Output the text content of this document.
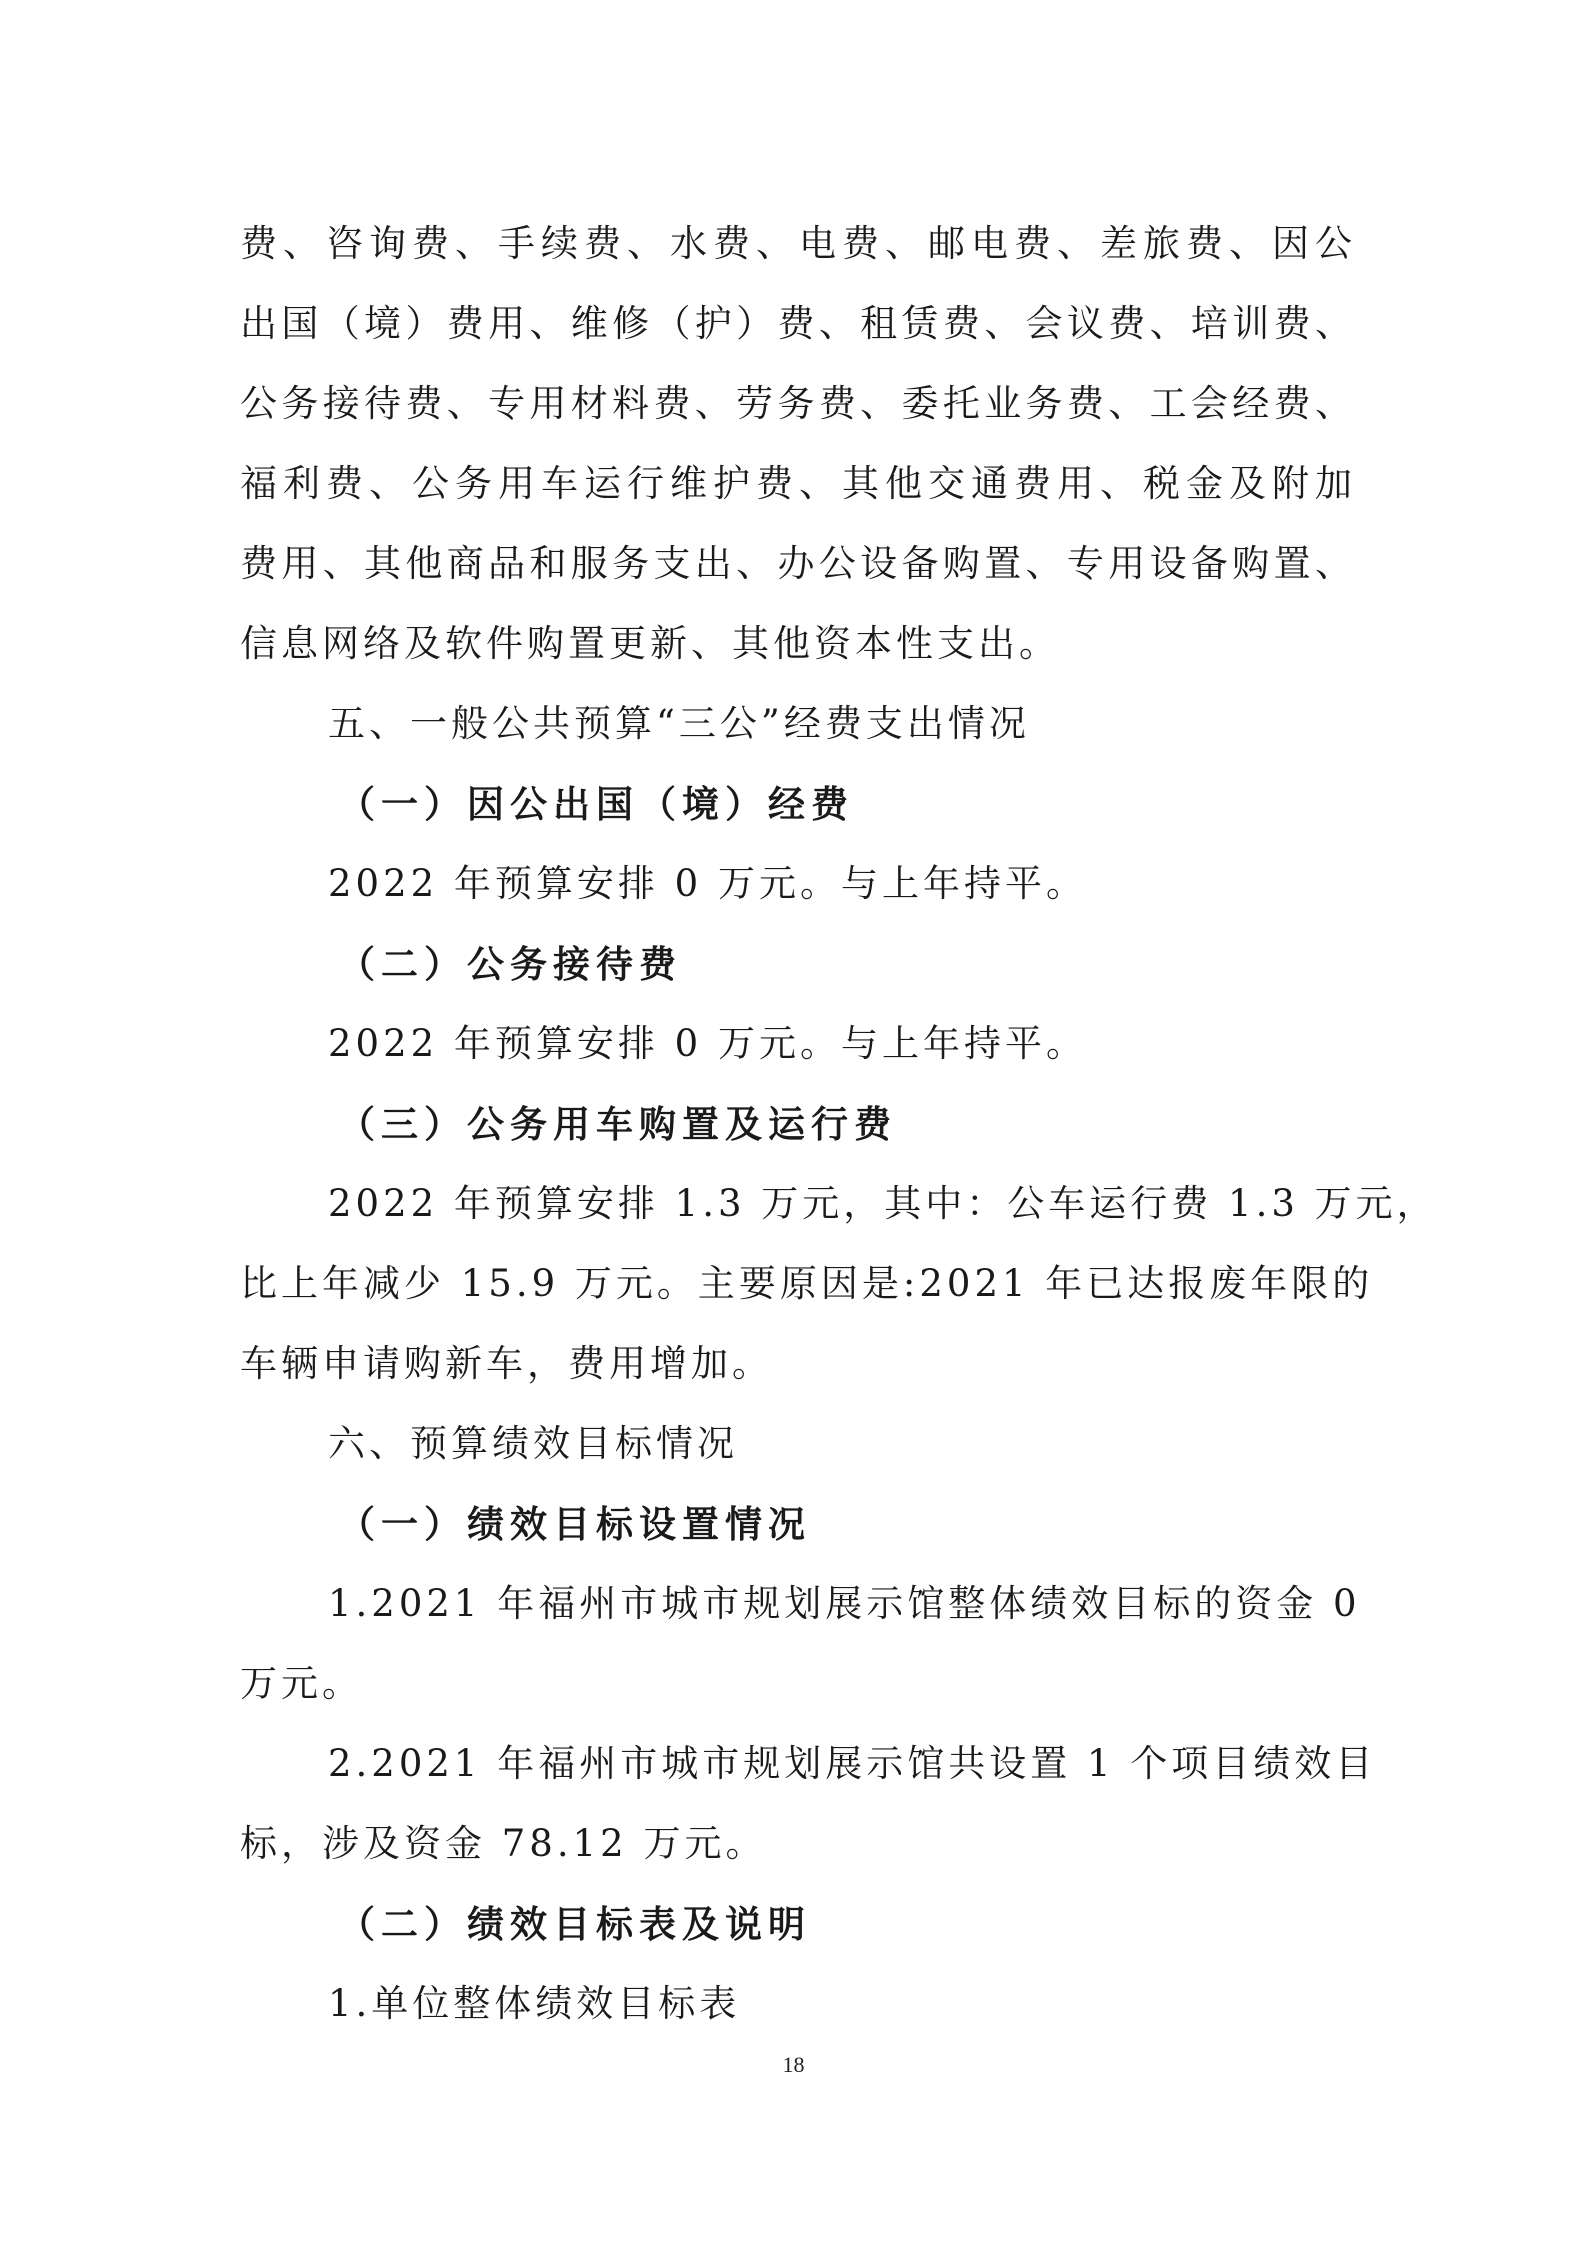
费 、 咨 询 费 、 手 续 费 、 水 费 、 电 费 、 邮 电 费 、 差 旅 费 、 因 公
出 国 （ 境 ） 费 用 、 维 修 （ 护 ） 费 、 租 赁 费 、 会 议 费 、 培 训 费 、
公 务 接 待 费 、 专 用 材 料 费 、 劳 务 费 、 委 托 业 务 费 、 工 会 经 费 、
福 利 费 、 公 务 用 车 运 行 维 护 费 、 其 他 交 通 费 用 、 税 金 及 附 加
费 用 、 其 他 商 品 和 服 务 支 出 、 办 公 设 备 购 置 、 专 用 设 备 购 置 、
信息网络及软件购置更新、其他资本性支出。
五、一般公共预算“三公”经费支出情况
（一）因公出国（境）经费
2022 年预算安排 0 万元。与上年持平。
（二）公务接待费
2022 年预算安排 0 万元。与上年持平。
（三）公务用车购置及运行费
2022 年预算安排 1.3 万元，其中：公车运行费 1.3 万元，
比上年减少 15.9 万元。主要原因是:2021 年已达报废年限的
车辆申请购新车，费用增加。
六、预算绩效目标情况
（一）绩效目标设置情况
1.2021 年福州市城市规划展示馆整体绩效目标的资金 0
万元。
2.2021 年福州市城市规划展示馆共设置 1 个项目绩效目
标，涉及资金 78.12 万元。
（二）绩效目标表及说明
1.单位整体绩效目标表
18
